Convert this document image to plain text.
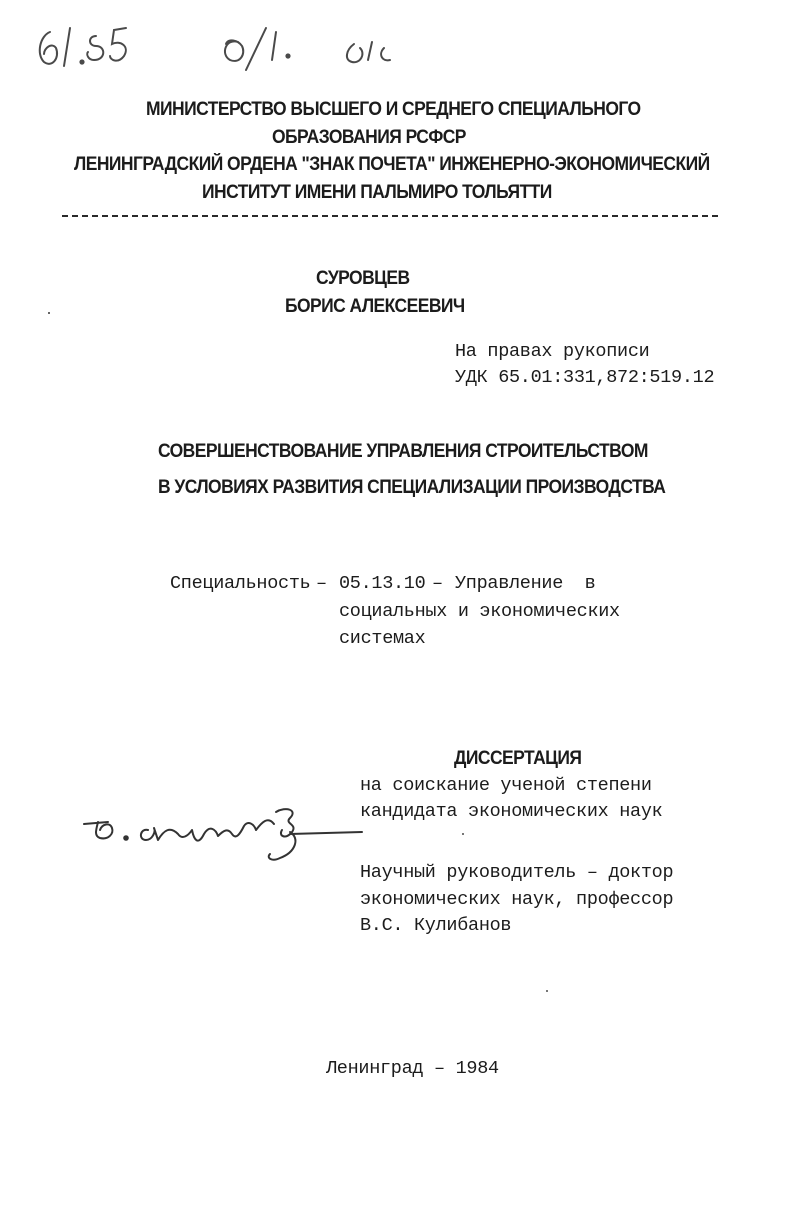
МИНИСТЕРСТВО ВЫСШЕГО И СРЕДНЕГО СПЕЦИАЛЬНОГО
ОБРАЗОВАНИЯ РСФСР
ЛЕНИНГРАДСКИЙ ОРДЕНА "ЗНАК ПОЧЕТА" ИНЖЕНЕРНО-ЭКОНОМИЧЕСКИЙ
ИНСТИТУТ ИМЕНИ ПАЛЬМИРО ТОЛЬЯТТИ
СУРОВЦЕВ
БОРИС АЛЕКСЕЕВИЧ
На правах рукописи
УДК 65.01:331,872:519.12
СОВЕРШЕНСТВОВАНИЕ УПРАВЛЕНИЯ СТРОИТЕЛЬСТВОМ
В УСЛОВИЯХ РАЗВИТИЯ СПЕЦИАЛИЗАЦИИ ПРОИЗВОДСТВА
Специальность – 05.13.10 – Управление  в
социальных и экономических
системах
ДИССЕРТАЦИЯ
на соискание ученой степени
кандидата экономических наук
Научный руководитель – доктор
экономических наук, профессор
В.С. Кулибанов
Ленинград – 1984
